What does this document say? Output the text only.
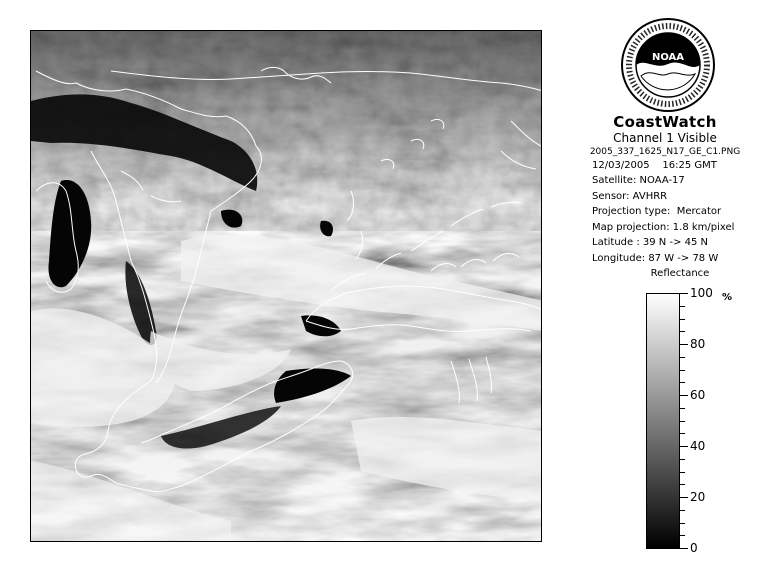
NOAA
CoastWatch
Channel 1 Visible
2005_337_1625_N17_GE_C1.PNG
12/03/2005 16:25 GMT
Satellite: NOAA-17
Sensor: AVHRR
Projection type:  Mercator
Map projection: 1.8 km/pixel
Latitude : 39 N -> 45 N
Longitude: 87 W -> 78 W
Reflectance
%
100
80
60
40
20
0
